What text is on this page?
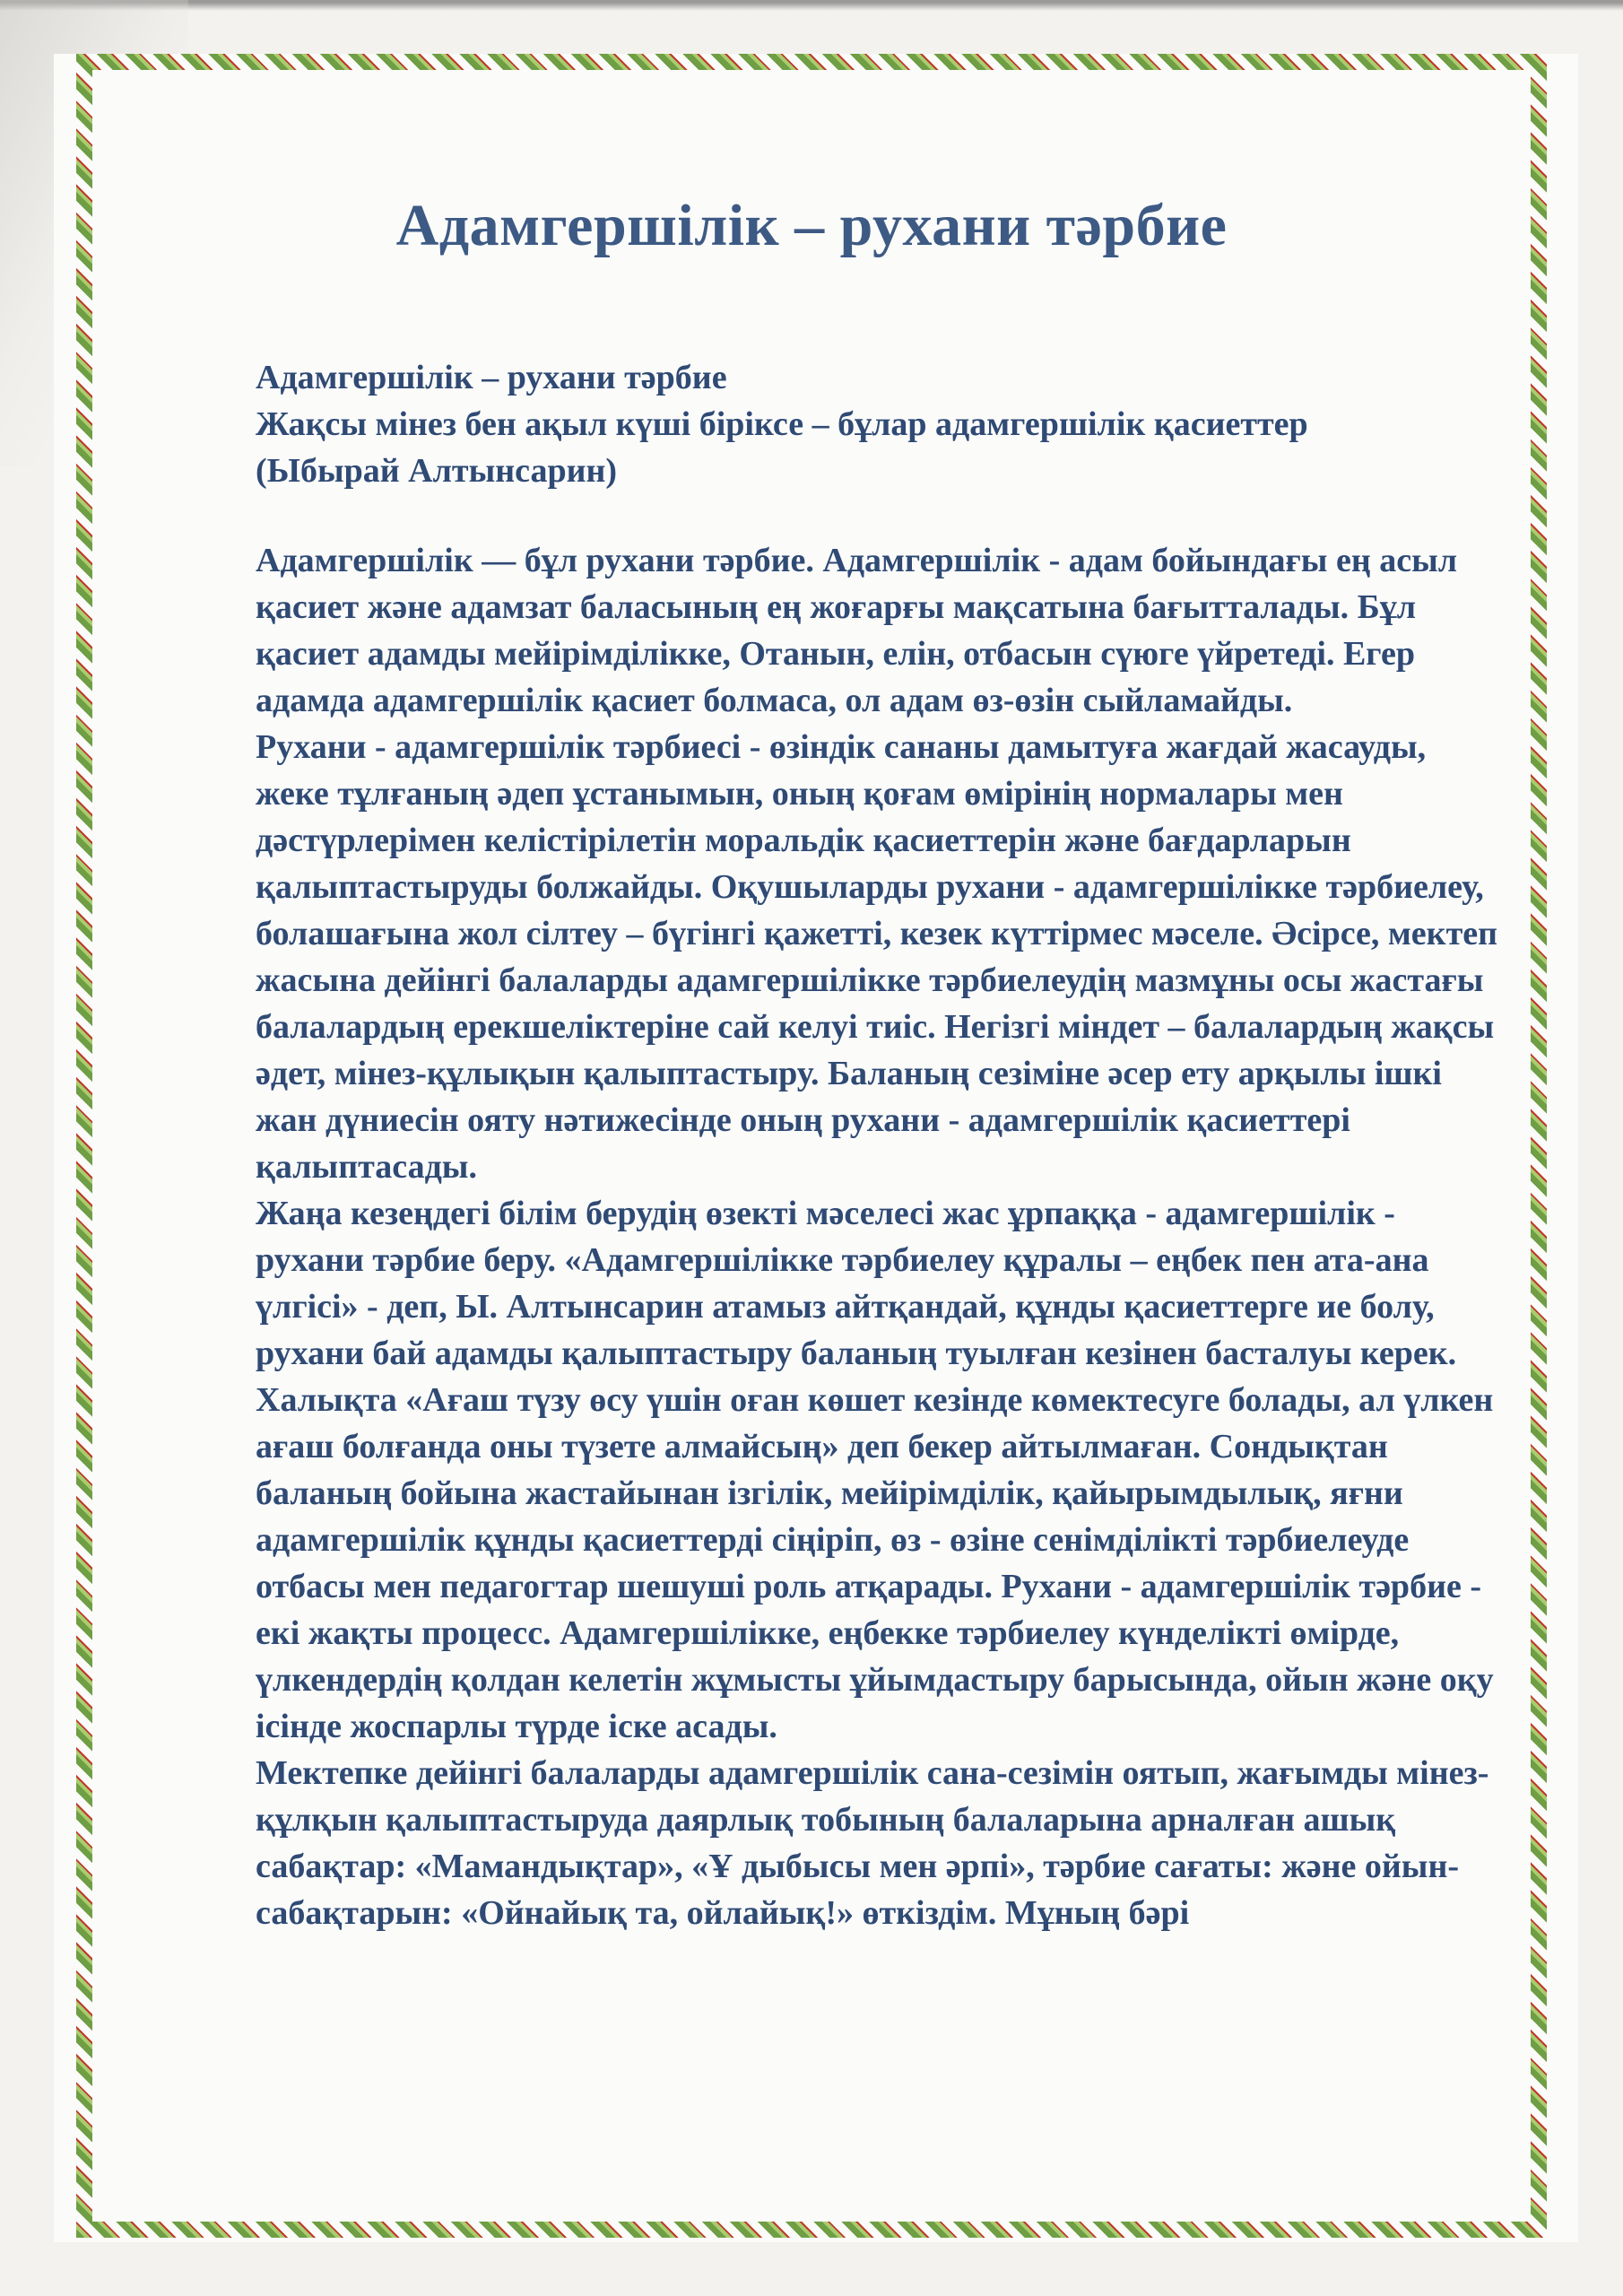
Адамгершілік – рухани тәрбие
Адамгершілік – рухани тәрбие
Жақсы мінез бен ақыл күші біріксе – бұлар адамгершілік қасиеттер
(Ыбырай Алтынсарин)

Адамгершілік — бұл рухани тәрбие. Адамгершілік - адам бойындағы ең асыл қасиет және адамзат баласының ең жоғарғы мақсатына бағытталады. Бұл қасиет адамды мейірімділікке, Отанын, елін, отбасын сүюге үйретеді. Егер адамда адамгершілік қасиет болмаса, ол адам өз-өзін сыйламайды.

Рухани - адамгершілік тәрбиесі - өзіндік сананы дамытуға жағдай жасауды, жеке тұлғаның әдеп ұстанымын, оның қоғам өмірінің нормалары мен дәстүрлерімен келістірілетін моральдік қасиеттерін және бағдарларын қалыптастыруды болжайды. Оқушыларды рухани - адамгершілікке тәрбиелеу, болашағына жол сілтеу – бүгінгі қажетті, кезек күттірмес мәселе. Әсірсе, мектеп жасына дейінгі балаларды адамгершілікке тәрбиелеудің мазмұны осы жастағы балалардың ерекшеліктеріне сай келуі тиіс. Негізгі міндет – балалардың жақсы әдет, мінез-құлықын қалыптастыру. Баланың сезіміне әсер ету арқылы ішкі жан дүниесін ояту нәтижесінде оның рухани - адамгершілік қасиеттері қалыптасады.

Жаңа кезеңдегі білім берудің өзекті мәселесі жас ұрпаққа - адамгершілік - рухани тәрбие беру. «Адамгершілікке тәрбиелеу құралы – еңбек пен ата-ана үлгісі» - деп, Ы. Алтынсарин атамыз айтқандай, құнды қасиеттерге ие болу, рухани бай адамды қалыптастыру баланың туылған кезінен басталуы керек. Халықта «Ағаш түзу өсу үшін оған көшет кезінде көмектесуге болады, ал үлкен ағаш болғанда оны түзете алмайсың» деп бекер айтылмаған. Сондықтан баланың бойына жастайынан ізгілік, мейірімділік, қайырымдылық, яғни адамгершілік құнды қасиеттерді сіңіріп, өз - өзіне сенімділікті тәрбиелеуде отбасы мен педагогтар шешуші роль атқарады. Рухани - адамгершілік тәрбие - екі жақты процесс. Адамгершілікке, еңбекке тәрбиелеу күнделікті өмірде, үлкендердің қолдан келетін жұмысты ұйымдастыру барысында, ойын және оқу ісінде жоспарлы түрде іске асады.

Мектепке дейінгі балаларды адамгершілік сана-сезімін оятып, жағымды мінез-құлқын қалыптастыруда даярлық тобының балаларына арналған ашық сабақтар: «Мамандықтар», «Ұ дыбысы мен әрпі», тәрбие сағаты: және ойын-сабақтарын: «Ойнайық та, ойлайық!» өткіздім. Мұның бәрі
